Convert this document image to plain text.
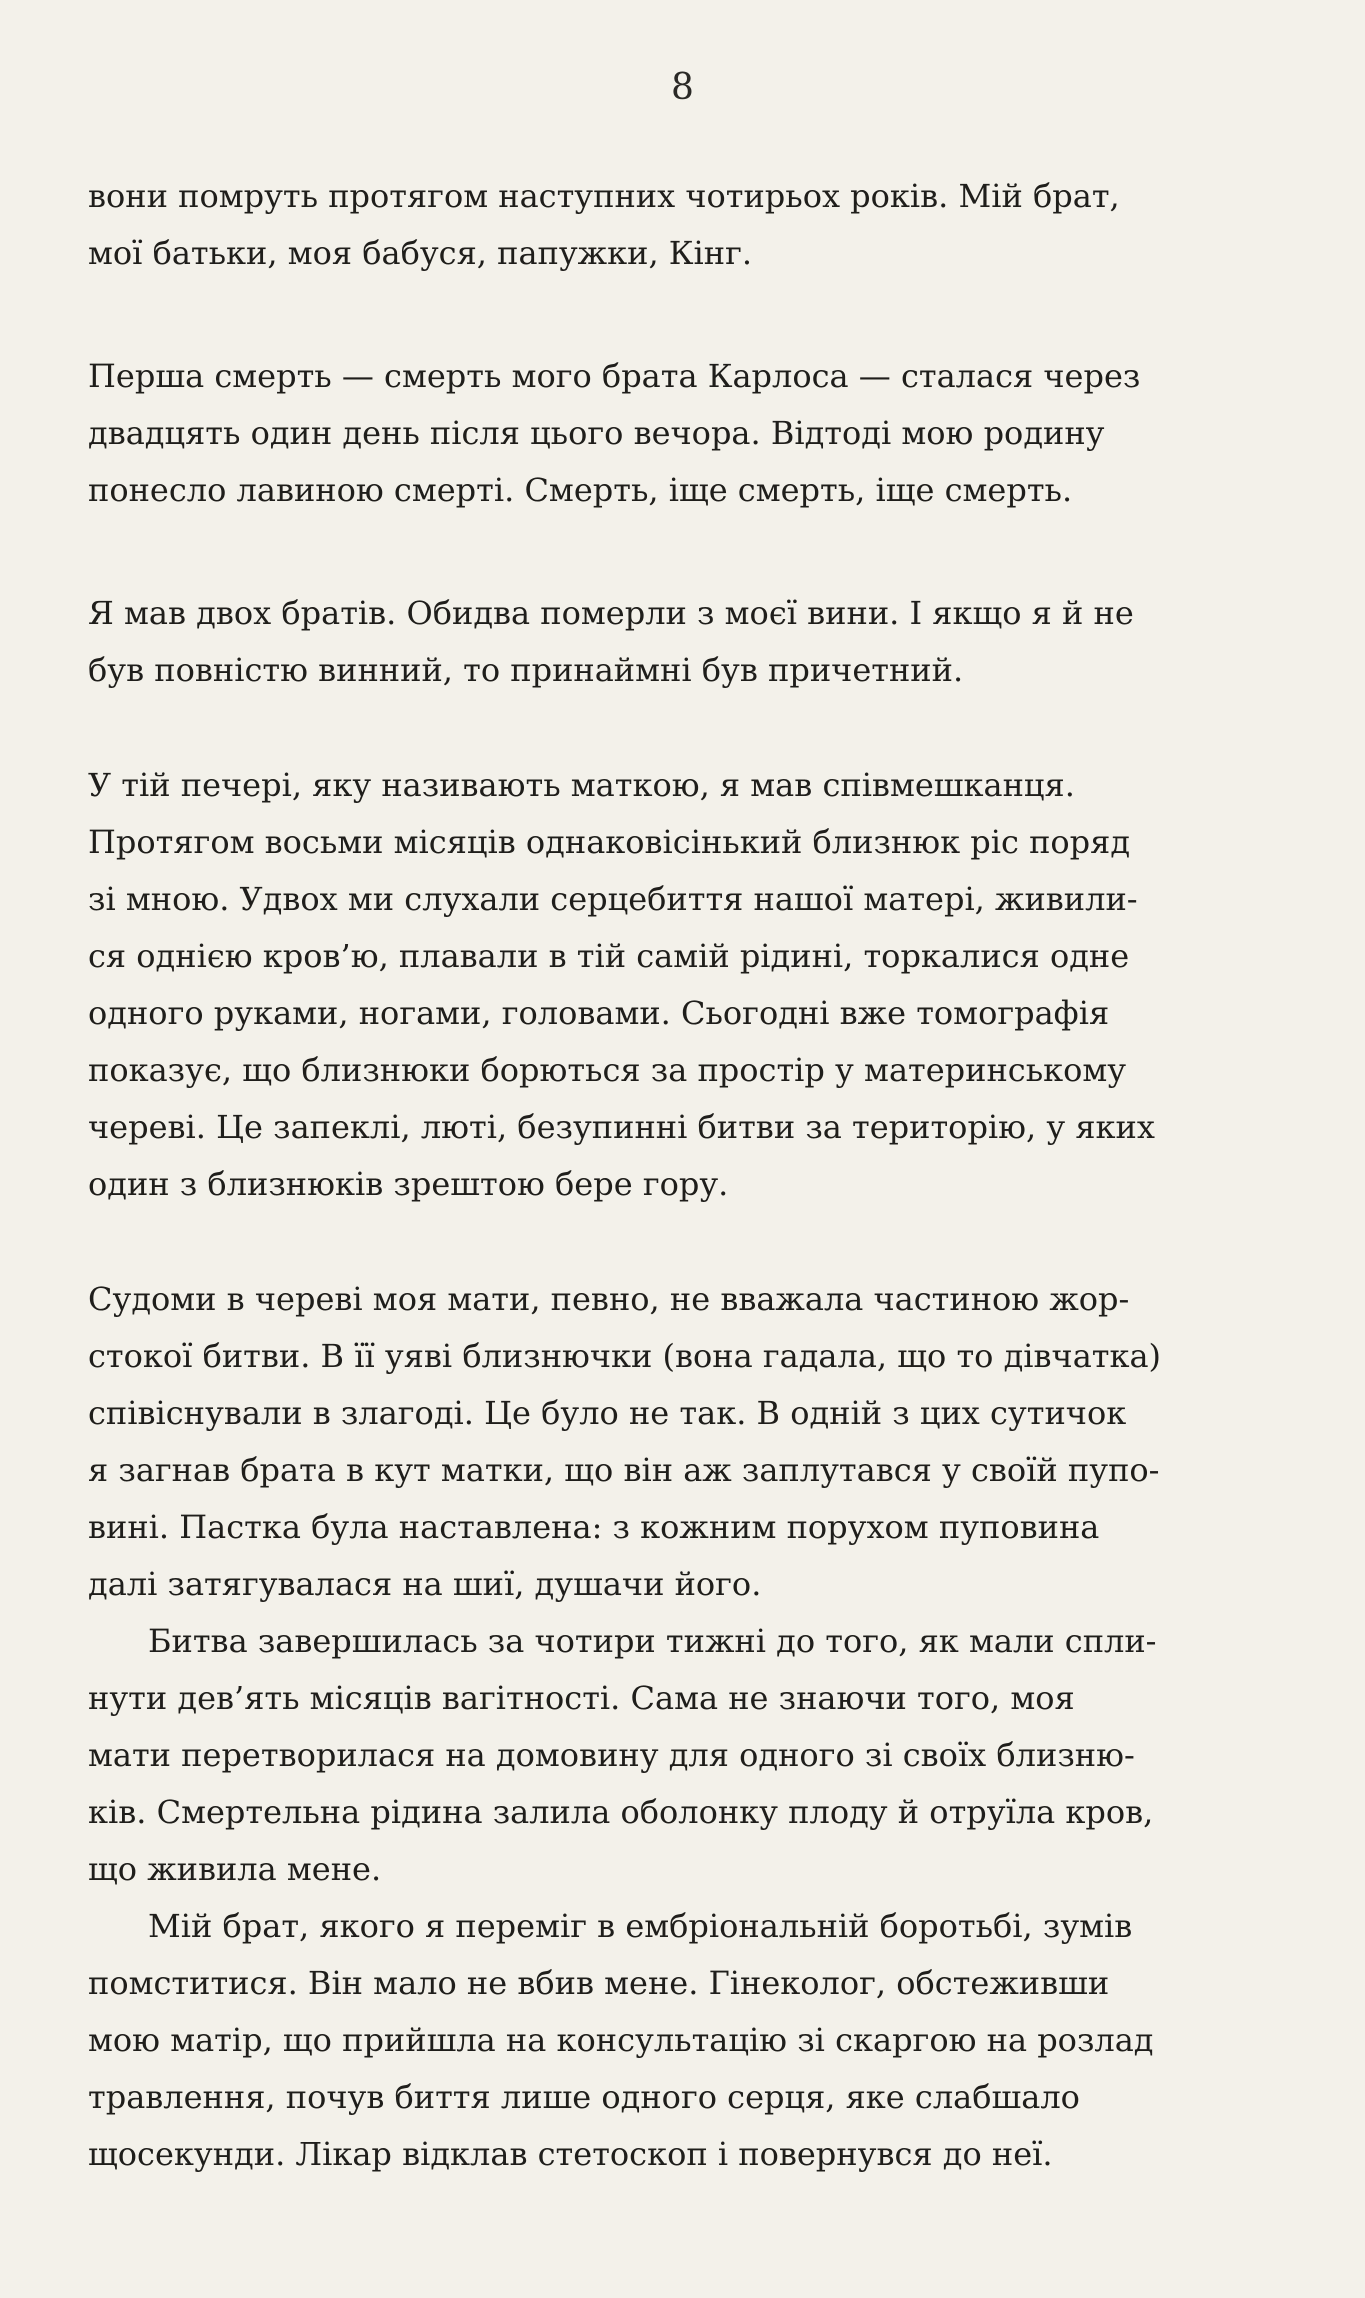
8

вони помруть протягом наступних чотирьох років. Мій брат,
мої батьки, моя бабуся, папужки, Кінг.

Перша смерть — смерть мого брата Карлоса — сталася через
двадцять один день після цього вечора. Відтоді мою родину
понесло лавиною смерті. Смерть, іще смерть, іще смерть.

Я мав двох братів. Обидва померли з моєї вини. І якщо я й не
був повністю винний, то принаймні був причетний.

У тій печері, яку називають маткою, я мав співмешканця.
Протягом восьми місяців однаковісінький близнюк ріс поряд
зі мною. Удвох ми слухали серцебиття нашої матері, живили-
ся однією кров’ю, плавали в тій самій рідині, торкалися одне
одного руками, ногами, головами. Сьогодні вже томографія
показує, що близнюки борються за простір у материнському
череві. Це запеклі, люті, безупинні битви за територію, у яких
один з близнюків зрештою бере гору.

Судоми в череві моя мати, певно, не вважала частиною жор-
стокої битви. В її уяві близнючки (вона гадала, що то дівчатка)
співіснували в злагоді. Це було не так. В одній з цих сутичок
я загнав брата в кут матки, що він аж заплутався у своїй пупо-
вині. Пастка була наставлена: з кожним порухом пуповина
далі затягувалася на шиї, душачи його.

Битва завершилась за чотири тижні до того, як мали спли-
нути дев’ять місяців вагітності. Сама не знаючи того, моя
мати перетворилася на домовину для одного зі своїх близню-
ків. Смертельна рідина залила оболонку плоду й отруїла кров,
що живила мене.

Мій брат, якого я переміг в ембріональній боротьбі, зумів
помститися. Він мало не вбив мене. Гінеколог, обстеживши
мою матір, що прийшла на консультацію зі скаргою на розлад
травлення, почув биття лише одного серця, яке слабшало
щосекунди. Лікар відклав стетоскоп і повернувся до неї.
